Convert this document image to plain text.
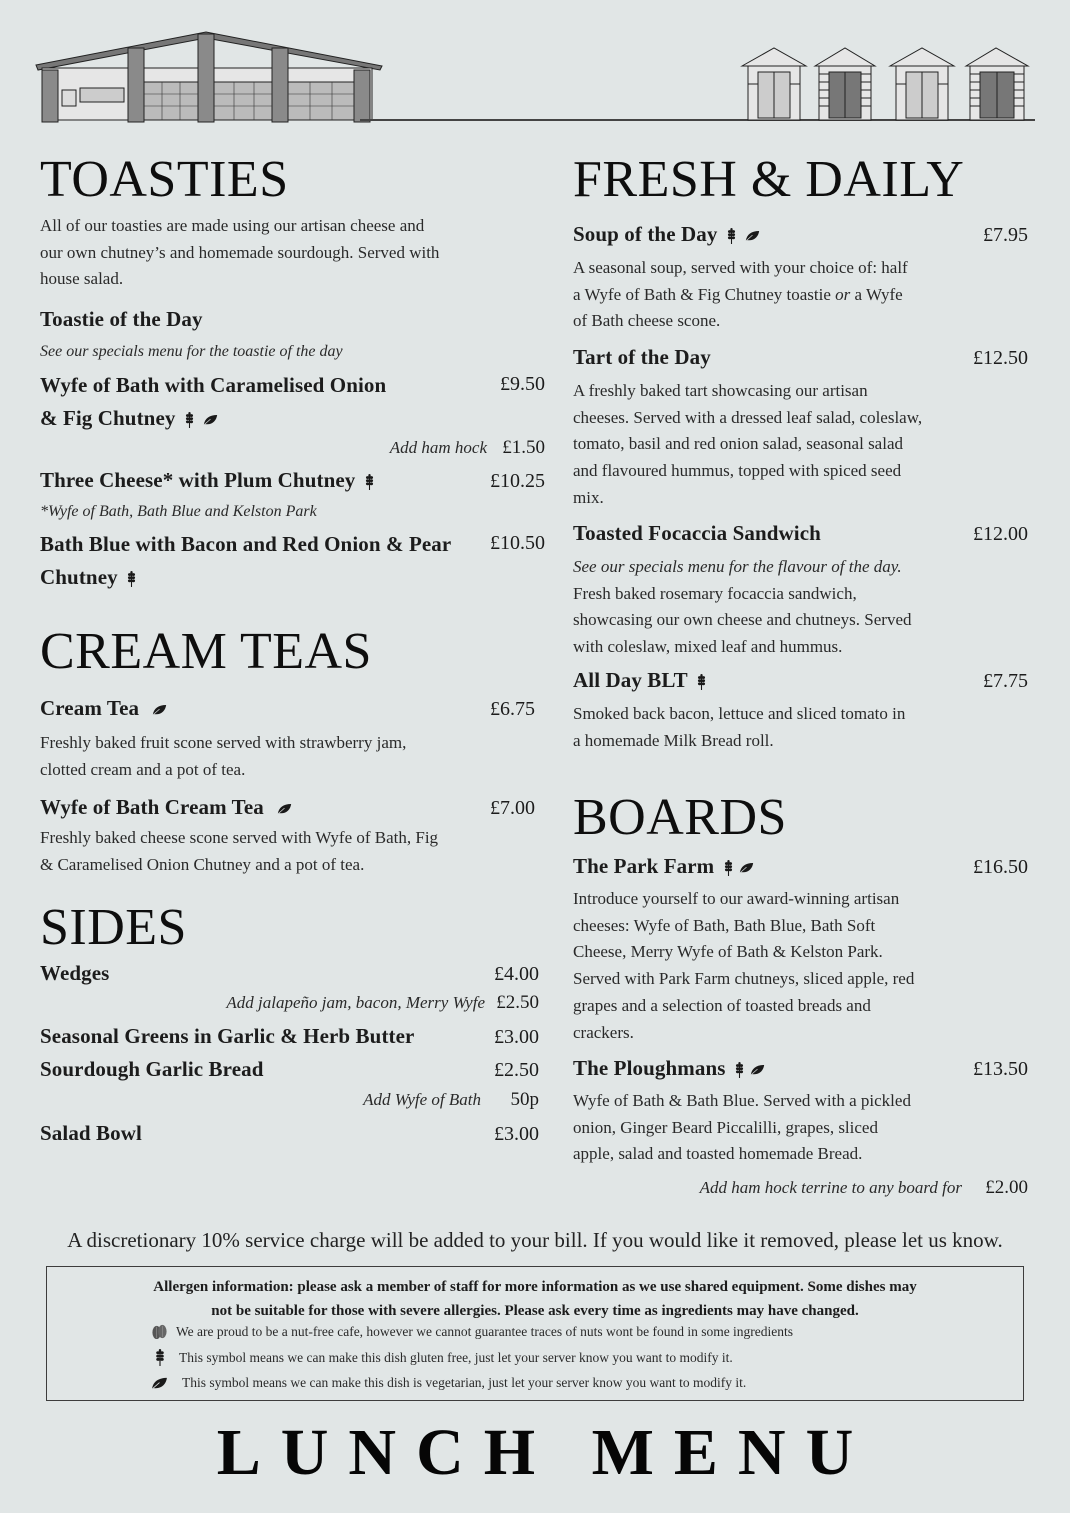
TOASTIES
All of our toasties are made using our artisan cheese and
our own chutney’s and homemade sourdough. Served with
house salad.
Toastie of the Day
See our specials menu for the toastie of the day
Wyfe of Bath with Caramelised Onion
& Fig Chutney
£9.50
Add ham hock £1.50
Three Cheese* with Plum Chutney	£10.25
*Wyfe of Bath, Bath Blue and Kelston Park
Bath Blue with Bacon and Red Onion & Pear
Chutney
£10.50
CREAM TEAS
Cream Tea	£6.75
Freshly baked fruit scone served with strawberry jam,
clotted cream and a pot of tea.
Wyfe of Bath Cream Tea	£7.00
Freshly baked cheese scone served with Wyfe of Bath, Fig
& Caramelised Onion Chutney and a pot of tea.
SIDES
Wedges	£4.00
Add jalapeño jam, bacon, Merry Wyfe £2.50
Seasonal Greens in Garlic & Herb Butter	£3.00
Sourdough Garlic Bread	£2.50
Add Wyfe of Bath	50p
Salad Bowl	£3.00
FRESH & DAILY
Soup of the Day	£7.95
A seasonal soup, served with your choice of: half
a Wyfe of Bath & Fig Chutney toastie or a Wyfe
of Bath cheese scone.
Tart of the Day	£12.50
A freshly baked tart showcasing our artisan
cheeses. Served with a dressed leaf salad, coleslaw,
tomato, basil and red onion salad, seasonal salad
and flavoured hummus, topped with spiced seed
mix.
Toasted Focaccia Sandwich	£12.00
See our specials menu for the flavour of the day.
Fresh baked rosemary focaccia sandwich,
showcasing our own cheese and chutneys. Served
with coleslaw, mixed leaf and hummus.
All Day BLT	£7.75
Smoked back bacon, lettuce and sliced tomato in
a homemade Milk Bread roll.
BOARDS
The Park Farm	£16.50
Introduce yourself to our award-winning artisan
cheeses: Wyfe of Bath, Bath Blue, Bath Soft
Cheese, Merry Wyfe of Bath & Kelston Park.
Served with Park Farm chutneys, sliced apple, red
grapes and a selection of toasted breads and
crackers.
The Ploughmans	£13.50
Wyfe of Bath & Bath Blue. Served with a pickled
onion, Ginger Beard Piccalilli, grapes, sliced
apple, salad and toasted homemade Bread.
Add ham hock terrine to any board for £2.00
A discretionary 10% service charge will be added to your bill. If you would like it removed, please let us know.
Allergen information: please ask a member of staff for more information as we use shared equipment. Some dishes may
not be suitable for those with severe allergies. Please ask every time as ingredients may have changed.
We are proud to be a nut-free cafe, however we cannot guarantee traces of nuts wont be found in some ingredients
This symbol means we can make this dish gluten free, just let your server know you want to modify it.
This symbol means we can make this dish is vegetarian, just let your server know you want to modify it.
LUNCH MENU
